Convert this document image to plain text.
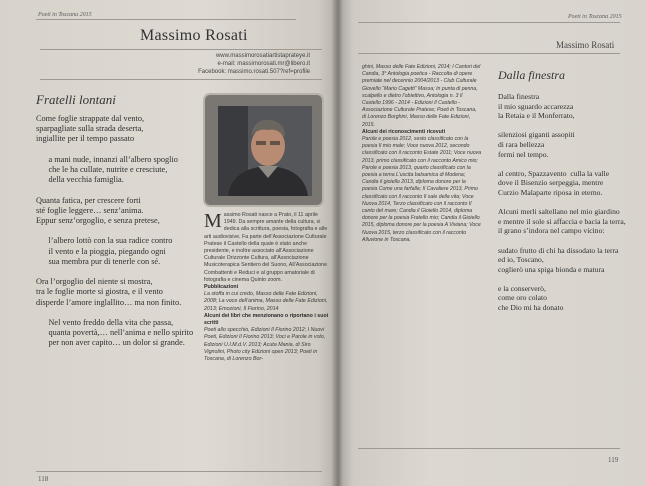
Poeti in Toscana 2015
Massimo Rosati
www.massimorosatiartistaprateye.it
e-mail: massimorosati.mr@libero.it
Facebook: massimo.rosati.507?ref=profile
Fratelli lontani
Come foglie strappate dal vento,
sparpagliate sulla strada deserta,
ingiallite per il tempo passato

a mani nude, innanzi all’albero spoglio
che le ha cullate, nutrite e cresciute,
della vecchia famiglia.

Quanta fatica, per crescere forti
sté foglie leggere… senz’anima.
Eppur senz’orgoglio, e senza pretese,

l’albero lottò con la sua radice contro
il vento e la pioggia, piegando ogni
sua membra pur di tenerle con sé.

Ora l’orgoglio del niente si mostra,
tra le foglie morte si giostra, e il vento
disperde l’amore inglallito… ma non finito.

Nel vento freddo della vita che passa,
quanta povertà,… nell’anima e nello spirito
per non aver capito… un dolor si grande.

Massimo Rosati nasce a Prato, il 11 aprile 1949. Da sempre amante della cultura, si dedica alla scrittura, poesia, fotografia e alle arti audiovisive. Fa parte dell’Associazione Culturale Pratese il Castello della quale è stato anche presidente, e inoltre associato all’Associazione Culturale Orizzonte Cultura, all’Associazione Musicoterapica Sentiero del Suono, All’Associazione Combattenti e Reduci e al gruppo amatoriale di fotografia e cinema Quinto zoom.

Pubblicazioni

La stoffa in cui credo, Masso delle Fate Edizioni, 2008; La voce dell’anima, Masso delle Fate Edizioni, 2013; Emozioni, Il Fiorino, 2014

Alcuni dei libri che menzionano o riportano i suoi scritti

Poeti allo specchio, Edizioni Il Fiorino 2012; I Nuovi Poeti, Edizioni Il Fiorino 2013; Voci e Parole in volo, Edizioni U.I.M.d.V. 2013; Acuta Mania, di Siro Vignolini, Photo city Edizioni open 2013; Poeti in Toscana, di Lorenzo Bor-

118
Poeti in Toscana 2015
Massimo Rosati

ghini, Masso delle Fate Edizioni, 2014; I Cantori del Candia, 3° Antologia poetica - Raccolta di opere premiate nel decennio 2004/2013 - Club Culturale Giovello “Mario Cagetti” Massa; In punta di penna, scalpello e dietro l’obiettivo, Antologia n. 3 Il Castello 1996 - 2014 - Edizioni Il Castello - Associazione Culturale Pratese; Poeti in Toscana, di Lorenzo Borghini, Masso delle Fate Edizioni, 2015.

Alcuni dei riconoscimenti ricevuti

Parole e poesia 2012, sesto classificato con la poesia Il mio male; Voce nuova 2012, secondo classificato con il racconto Estate 2011; Voce nuova 2013, primo classificato con il racconto Amico mio; Parole e poesia 2013, quarto classificato con la poesia a tema L’uscita balsamica di Modena; Candia il gioiello 2013, diploma donore per la poesia Come una farfalla; Il Cavaliere 2013, Primo classificato con il racconto Il sale della vita; Voce Nuova 2014, Terzo classificato con il racconto Il canto del mare; Candia il Gioiello 2014, diploma donore per la poesia Fratello mio; Candia il Gioiello 2015, diploma donore per la poesia A Viviana; Voce Nuova 2015, terzo classificato con il racconto Alluvione in Toscana.

Dalla finestra
Dalla finestra
il mio sguardo accarezza
la Retaia e il Monferrato,

silenziosi giganti assopiti
di rara bellezza
fermi nel tempo.

al centro, Spazzavento  culla la valle
dove il Bisenzio serpeggia, mentre
Curzio Malaparte riposa in eterno.

Alcuni merli saltellano nel mio giardino
e mentre il sole si affaccia e bacia la terra,
il grano s’indora nel campo vicino:

sudato frutto di chi ha dissodato la terra
ed io, Toscano,
coglierò una spiga bionda e matura

e la conserverò,
come oro colato
che Dio mi ha donato
119
